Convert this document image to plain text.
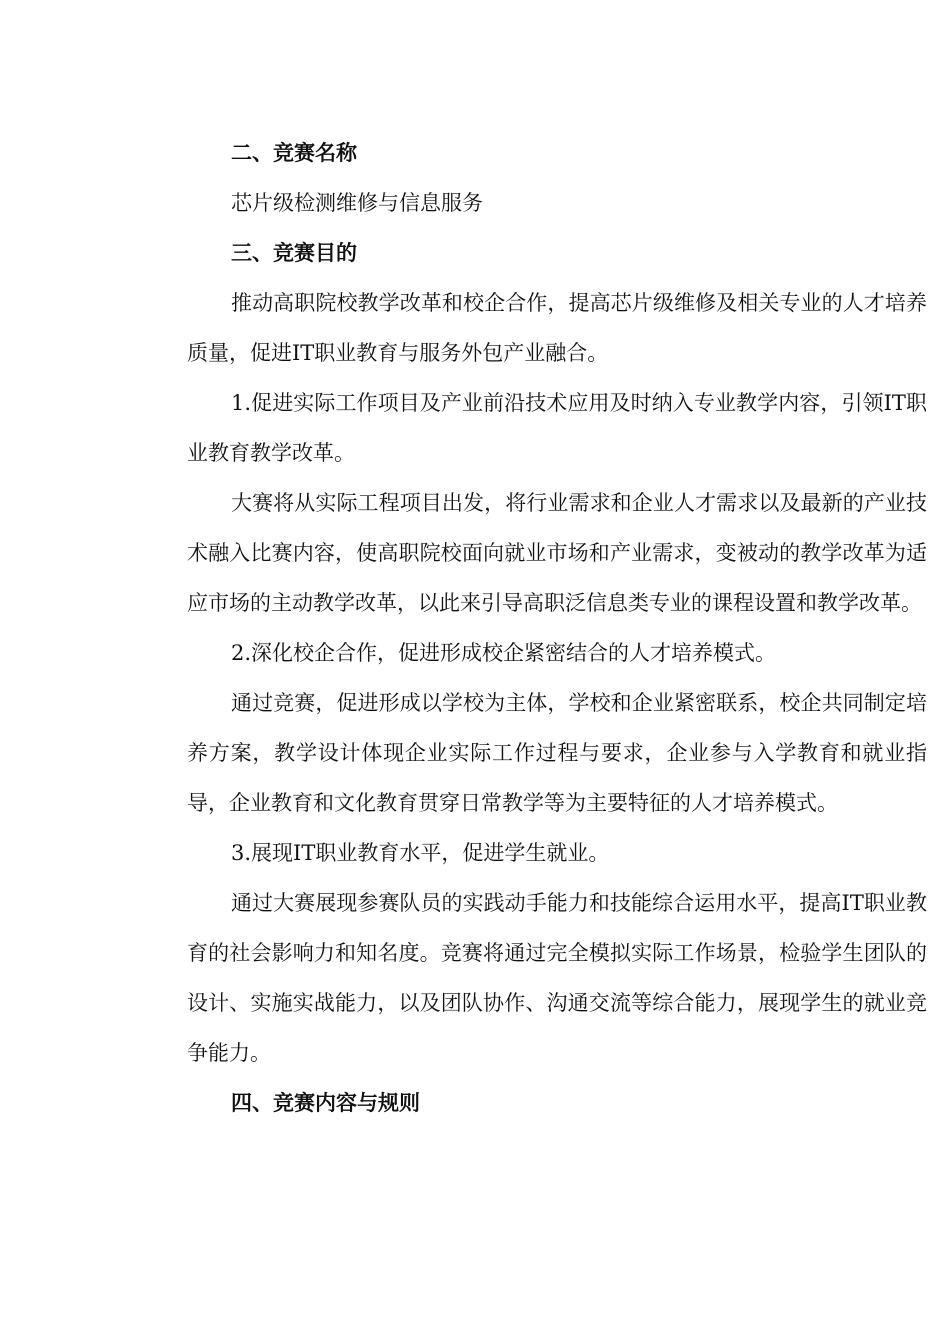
二、竞赛名称

芯片级检测维修与信息服务

三、竞赛目的

推动高职院校教学改革和校企合作，提高芯片级维修及相关专业的人才培养质量，促进IT职业教育与服务外包产业融合。

1.促进实际工作项目及产业前沿技术应用及时纳入专业教学内容，引领IT职业教育教学改革。

大赛将从实际工程项目出发，将行业需求和企业人才需求以及最新的产业技术融入比赛内容，使高职院校面向就业市场和产业需求，变被动的教学改革为适应市场的主动教学改革，以此来引导高职泛信息类专业的课程设置和教学改革。

2.深化校企合作，促进形成校企紧密结合的人才培养模式。

通过竞赛，促进形成以学校为主体，学校和企业紧密联系，校企共同制定培养方案，教学设计体现企业实际工作过程与要求，企业参与入学教育和就业指导，企业教育和文化教育贯穿日常教学等为主要特征的人才培养模式。

3.展现IT职业教育水平，促进学生就业。

通过大赛展现参赛队员的实践动手能力和技能综合运用水平，提高IT职业教育的社会影响力和知名度。竞赛将通过完全模拟实际工作场景，检验学生团队的设计、实施实战能力，以及团队协作、沟通交流等综合能力，展现学生的就业竞争能力。

四、竞赛内容与规则
